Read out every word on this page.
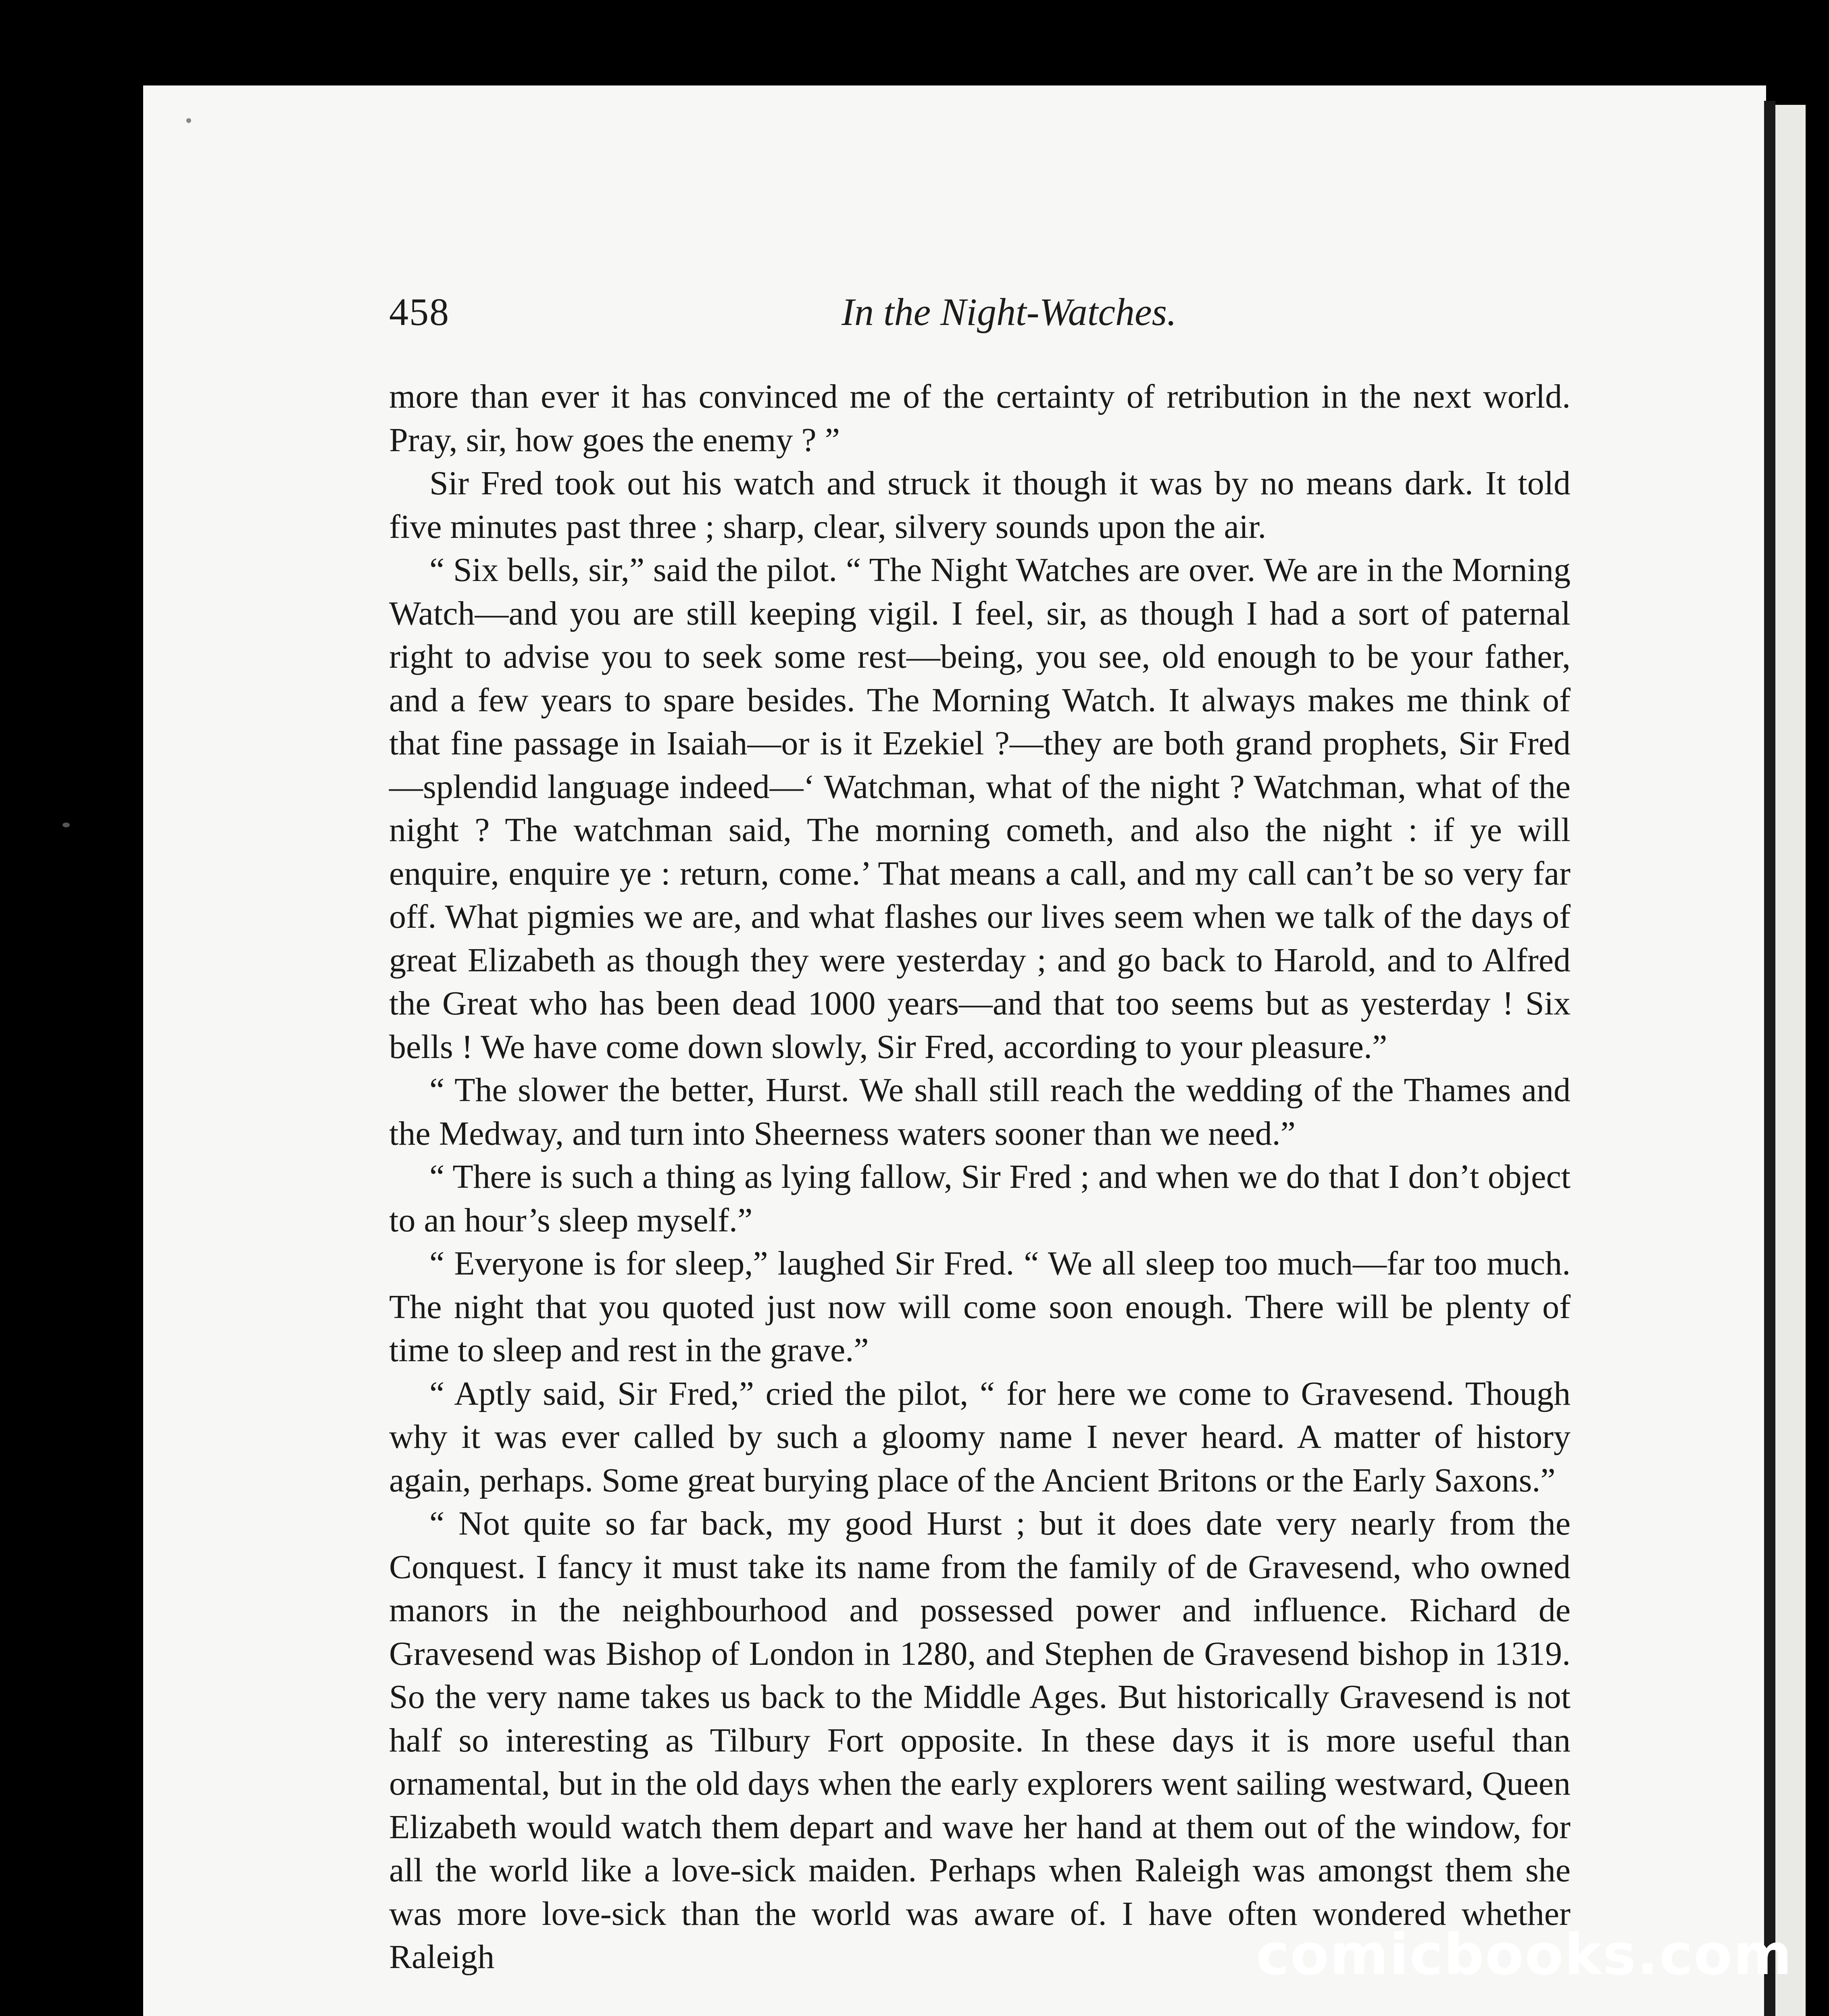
458	In the Night-Watches.

more than ever it has convinced me of the certainty of retribution in the next world. Pray, sir, how goes the enemy ? ”

Sir Fred took out his watch and struck it though it was by no means dark. It told five minutes past three ; sharp, clear, silvery sounds upon the air.

“ Six bells, sir,” said the pilot. “ The Night Watches are over. We are in the Morning Watch—and you are still keeping vigil. I feel, sir, as though I had a sort of paternal right to advise you to seek some rest—being, you see, old enough to be your father, and a few years to spare besides. The Morning Watch. It always makes me think of that fine passage in Isaiah—or is it Ezekiel ?—they are both grand prophets, Sir Fred—splendid language indeed—‘ Watchman, what of the night ? Watchman, what of the night ? The watchman said, The morning cometh, and also the night : if ye will enquire, enquire ye : return, come.’ That means a call, and my call can’t be so very far off. What pigmies we are, and what flashes our lives seem when we talk of the days of great Elizabeth as though they were yesterday ; and go back to Harold, and to Alfred the Great who has been dead 1000 years—and that too seems but as yesterday ! Six bells ! We have come down slowly, Sir Fred, according to your pleasure.”

“ The slower the better, Hurst. We shall still reach the wedding of the Thames and the Medway, and turn into Sheerness waters sooner than we need.”

“ There is such a thing as lying fallow, Sir Fred ; and when we do that I don’t object to an hour’s sleep myself.”

“ Everyone is for sleep,” laughed Sir Fred. “ We all sleep too much—far too much. The night that you quoted just now will come soon enough. There will be plenty of time to sleep and rest in the grave.”

“ Aptly said, Sir Fred,” cried the pilot, “ for here we come to Gravesend. Though why it was ever called by such a gloomy name I never heard. A matter of history again, perhaps. Some great burying place of the Ancient Britons or the Early Saxons.”

“ Not quite so far back, my good Hurst ; but it does date very nearly from the Conquest. I fancy it must take its name from the family of de Gravesend, who owned manors in the neighbourhood and possessed power and influence. Richard de Gravesend was Bishop of London in 1280, and Stephen de Gravesend bishop in 1319. So the very name takes us back to the Middle Ages. But historically Gravesend is not half so interesting as Tilbury Fort opposite. In these days it is more useful than ornamental, but in the old days when the early explorers went sailing westward, Queen Elizabeth would watch them depart and wave her hand at them out of the window, for all the world like a love-sick maiden. Perhaps when Raleigh was amongst them she was more love-sick than the world was aware of. I have often wondered whether Raleigh	comicbooks.com
